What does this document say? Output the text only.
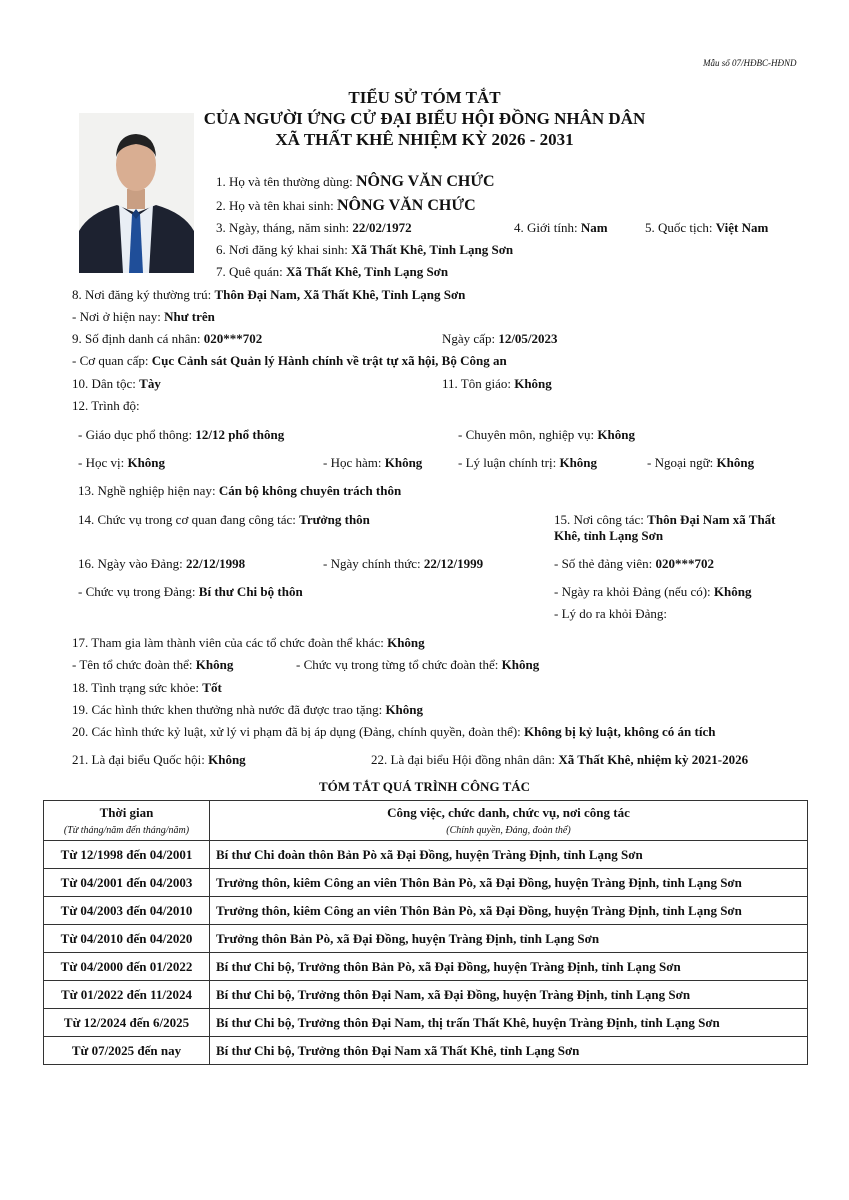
Mẫu số 07/HĐBC-HĐND
TIỂU SỬ TÓM TẮT
CỦA NGƯỜI ỨNG CỬ ĐẠI BIỂU HỘI ĐỒNG NHÂN DÂN
XÃ THẤT KHÊ NHIỆM KỲ 2026 - 2031
1. Họ và tên thường dùng: NÔNG VĂN CHỨC
2. Họ và tên khai sinh: NÔNG VĂN CHỨC
3. Ngày, tháng, năm sinh: 22/02/1972	4. Giới tính: Nam	5. Quốc tịch: Việt Nam
6. Nơi đăng ký khai sinh: Xã Thất Khê, Tỉnh Lạng Sơn
7. Quê quán: Xã Thất Khê, Tỉnh Lạng Sơn
8. Nơi đăng ký thường trú: Thôn Đại Nam, Xã Thất Khê, Tỉnh Lạng Sơn
- Nơi ở hiện nay: Như trên
9. Số định danh cá nhân: 020***702	Ngày cấp: 12/05/2023
- Cơ quan cấp: Cục Cảnh sát Quản lý Hành chính về trật tự xã hội, Bộ Công an
10. Dân tộc: Tày	11. Tôn giáo: Không
12. Trình độ:
- Giáo dục phổ thông: 12/12 phổ thông	- Chuyên môn, nghiệp vụ: Không
- Học vị: Không	- Học hàm: Không	- Lý luận chính trị: Không	- Ngoại ngữ: Không
13. Nghề nghiệp hiện nay: Cán bộ không chuyên trách thôn
14. Chức vụ trong cơ quan đang công tác: Trưởng thôn	15. Nơi công tác: Thôn Đại Nam xã Thất
Khê, tỉnh Lạng Sơn
16. Ngày vào Đảng: 22/12/1998	- Ngày chính thức: 22/12/1999	- Số thẻ đảng viên: 020***702
- Chức vụ trong Đảng: Bí thư Chi bộ thôn	- Ngày ra khỏi Đảng (nếu có): Không
- Lý do ra khỏi Đảng:
17. Tham gia làm thành viên của các tổ chức đoàn thể khác: Không
- Tên tổ chức đoàn thể: Không	- Chức vụ trong từng tổ chức đoàn thể: Không
18. Tình trạng sức khỏe: Tốt
19. Các hình thức khen thưởng nhà nước đã được trao tặng: Không
20. Các hình thức kỷ luật, xử lý vi phạm đã bị áp dụng (Đảng, chính quyền, đoàn thể): Không bị kỷ luật, không có án tích
21. Là đại biểu Quốc hội: Không	22. Là đại biểu Hội đồng nhân dân: Xã Thất Khê, nhiệm kỳ 2021-2026
TÓM TẮT QUÁ TRÌNH CÔNG TÁC
Thời gian
(Từ tháng/năm đến tháng/năm)	Công việc, chức danh, chức vụ, nơi công tác
(Chính quyền, Đảng, đoàn thể)

Từ 12/1998 đến 04/2001	Bí thư Chi đoàn thôn Bản Pò xã Đại Đồng, huyện Tràng Định, tỉnh Lạng Sơn
Từ 04/2001 đến 04/2003	Trưởng thôn, kiêm Công an viên Thôn Bản Pò, xã Đại Đồng, huyện Tràng Định, tỉnh Lạng Sơn
Từ 04/2003 đến 04/2010	Trưởng thôn, kiêm Công an viên Thôn Bản Pò, xã Đại Đồng, huyện Tràng Định, tỉnh Lạng Sơn
Từ 04/2010 đến 04/2020	Trưởng thôn Bản Pò, xã Đại Đồng, huyện Tràng Định, tỉnh Lạng Sơn
Từ 04/2000 đến 01/2022	Bí thư Chi bộ, Trưởng thôn Bản Pò, xã Đại Đồng, huyện Tràng Định, tỉnh Lạng Sơn
Từ 01/2022 đến 11/2024	Bí thư Chi bộ, Trưởng thôn Đại Nam, xã Đại Đồng, huyện Tràng Định, tỉnh Lạng Sơn
Từ 12/2024 đến 6/2025	Bí thư Chi bộ, Trưởng thôn Đại Nam, thị trấn Thất Khê, huyện Tràng Định, tỉnh Lạng Sơn
Từ 07/2025 đến nay	Bí thư Chi bộ, Trưởng thôn Đại Nam xã Thất Khê, tỉnh Lạng Sơn
